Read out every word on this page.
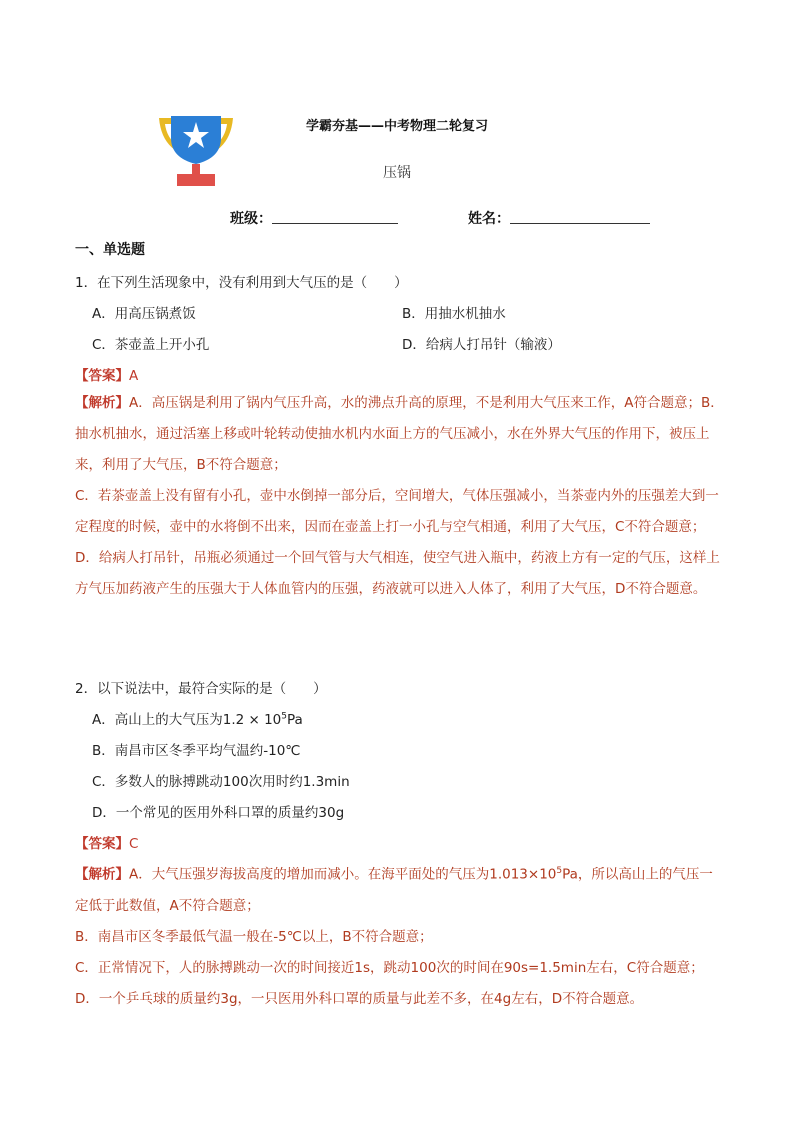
学霸夯基——中考物理二轮复习
压锅
班级：	姓名：
一、单选题
1．在下列生活现象中，没有利用到大气压的是（　　）
A．用高压锅煮饭	B．用抽水机抽水
C．茶壶盖上开小孔	D．给病人打吊针（输液）
【答案】A

【解析】A．高压锅是利用了锅内气压升高，水的沸点升高的原理，不是利用大气压来工作，A符合题意；B．抽水机抽水，通过活塞上移或叶轮转动使抽水机内水面上方的气压减小，水在外界大气压的作用下，被压上来，利用了大气压，B不符合题意；

C．若茶壶盖上没有留有小孔，壶中水倒掉一部分后，空间增大，气体压强减小，当茶壶内外的压强差大到一定程度的时候，壶中的水将倒不出来，因而在壶盖上打一小孔与空气相通，利用了大气压，C不符合题意；

D．给病人打吊针，吊瓶必须通过一个回气管与大气相连，使空气进入瓶中，药液上方有一定的气压，这样上方气压加药液产生的压强大于人体血管内的压强，药液就可以进入人体了，利用了大气压，D不符合题意。

2．以下说法中，最符合实际的是（　　）
A．高山上的大气压为$1.2 \times 10^5Pa$
B．南昌市区冬季平均气温约-10℃
C．多数人的脉搏跳动100次用时约1.3min
D．一个常见的医用外科口罩的质量约30g
【答案】C

【解析】A．大气压强岁海拔高度的增加而减小。在海平面处的气压为$1.013\times 10^5Pa$，所以高山上的气压一定低于此数值，A不符合题意；

B．南昌市区冬季最低气温一般在-5℃以上，B不符合题意；

C．正常情况下，人的脉搏跳动一次的时间接近1s，跳动100次的时间在90s=1.5min左右，C符合题意；

D．一个乒乓球的质量约3g，一只医用外科口罩的质量与此差不多，在4g左右，D不符合题意。
